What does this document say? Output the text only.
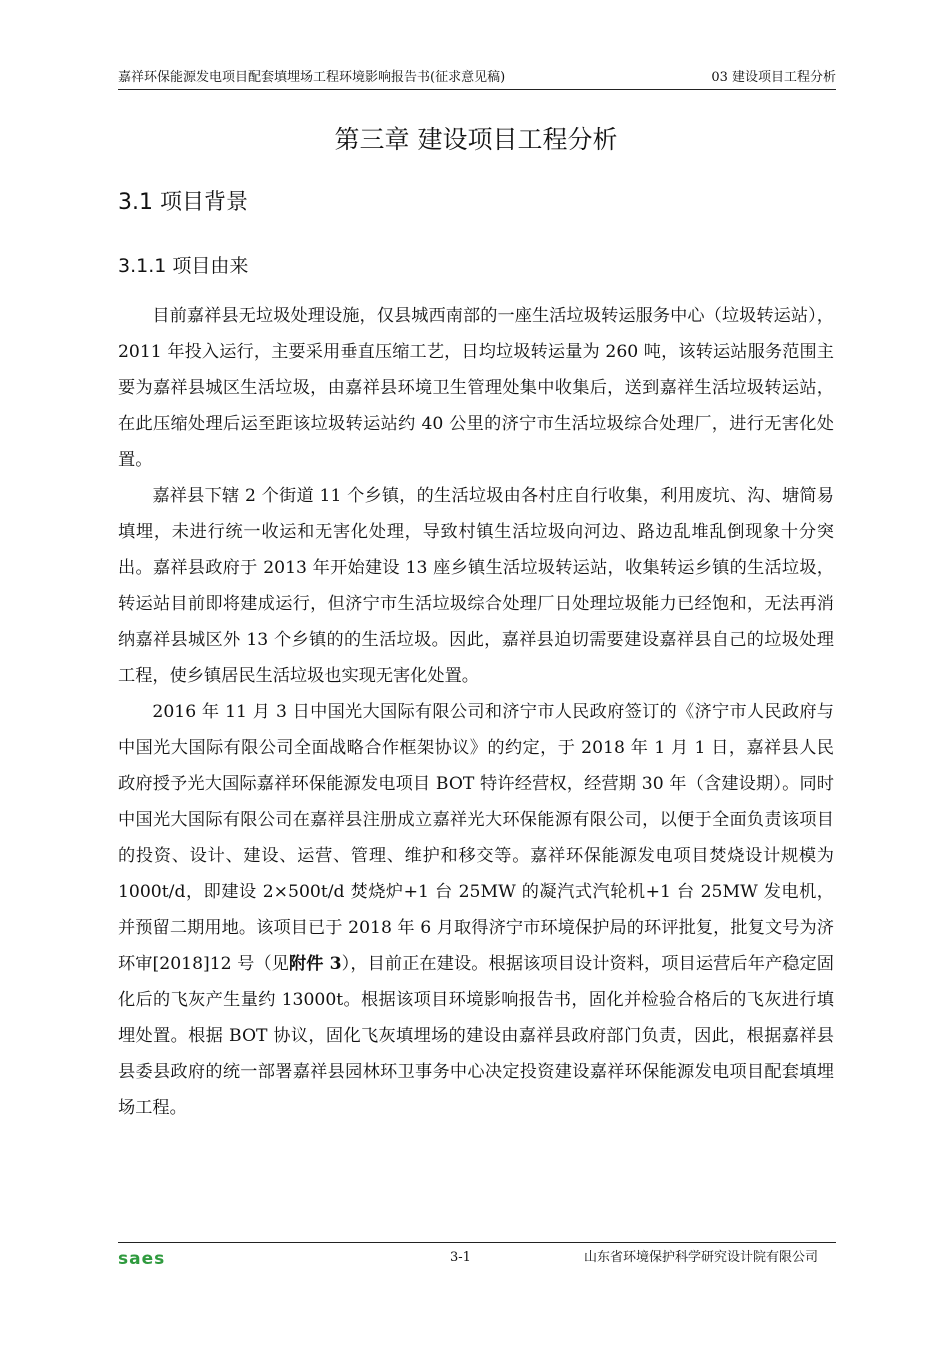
嘉祥环保能源发电项目配套填埋场工程环境影响报告书(征求意见稿)	03 建设项目工程分析
第三章 建设项目工程分析
3.1 项目背景
3.1.1 项目由来

目前嘉祥县无垃圾处理设施，仅县城西南部的一座生活垃圾转运服务中心（垃圾转运站），2011 年投入运行，主要采用垂直压缩工艺，日均垃圾转运量为 260 吨，该转运站服务范围主要为嘉祥县城区生活垃圾，由嘉祥县环境卫生管理处集中收集后，送到嘉祥生活垃圾转运站，在此压缩处理后运至距该垃圾转运站约 40 公里的济宁市生活垃圾综合处理厂，进行无害化处置。

嘉祥县下辖 2 个街道 11 个乡镇，的生活垃圾由各村庄自行收集，利用废坑、沟、塘简易填埋，未进行统一收运和无害化处理，导致村镇生活垃圾向河边、路边乱堆乱倒现象十分突出。嘉祥县政府于 2013 年开始建设 13 座乡镇生活垃圾转运站，收集转运乡镇的生活垃圾，转运站目前即将建成运行，但济宁市生活垃圾综合处理厂日处理垃圾能力已经饱和，无法再消纳嘉祥县城区外 13 个乡镇的的生活垃圾。因此，嘉祥县迫切需要建设嘉祥县自己的垃圾处理工程，使乡镇居民生活垃圾也实现无害化处置。

2016 年 11 月 3 日中国光大国际有限公司和济宁市人民政府签订的《济宁市人民政府与中国光大国际有限公司全面战略合作框架协议》的约定，于 2018 年 1 月 1 日，嘉祥县人民政府授予光大国际嘉祥环保能源发电项目 BOT 特许经营权，经营期 30 年（含建设期）。同时中国光大国际有限公司在嘉祥县注册成立嘉祥光大环保能源有限公司，以便于全面负责该项目的投资、设计、建设、运营、管理、维护和移交等。嘉祥环保能源发电项目焚烧设计规模为 1000t/d，即建设 2×500t/d 焚烧炉+1 台 25MW 的凝汽式汽轮机+1 台 25MW 发电机，并预留二期用地。该项目已于 2018 年 6 月取得济宁市环境保护局的环评批复，批复文号为济环审[2018]12 号（见附件 3），目前正在建设。根据该项目设计资料，项目运营后年产稳定固化后的飞灰产生量约 13000t。根据该项目环境影响报告书，固化并检验合格后的飞灰进行填埋处置。根据 BOT 协议，固化飞灰填埋场的建设由嘉祥县政府部门负责，因此，根据嘉祥县县委县政府的统一部署嘉祥县园林环卫事务中心决定投资建设嘉祥环保能源发电项目配套填埋场工程。

saes	3-1	山东省环境保护科学研究设计院有限公司
